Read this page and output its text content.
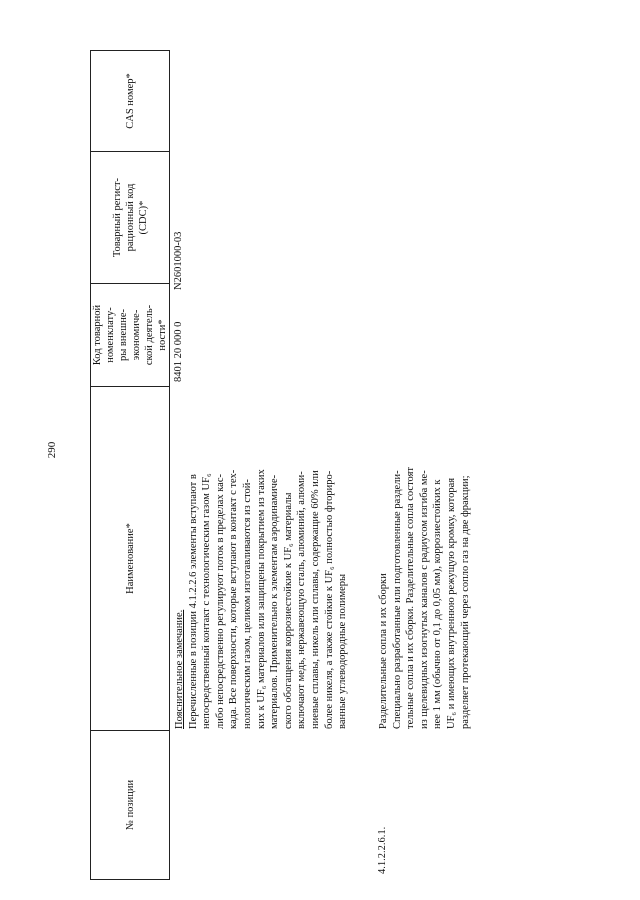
290
№ позиции
Наименование*
Код товарной номенклату- ры внешне- экономиче- ской деятель- ности*
Товарный регист- рационный код (CDC)*
CAS номер*
Пояснительное замечание. Перечисленные в позиции 4.1.2.2.6 элементы вступают в непосредственный контакт с технологическим газом UF₆ либо непосредственно регулируют поток в пределах кас- када. Все поверхности, которые вступают в контакт с тех- нологическим газом, целиком изготавливаются из стой- ких к UF₆ материалов или защищены покрытием из таких материалов. Применительно к элементам аэродинамиче- ского обогащения коррозиестойкие к UF₆ материалы включают медь, нержавеющую сталь, алюминий, алюми- ниевые сплавы, никель или сплавы, содержащие 60% или более никеля, а также стойкие к UF₆ полностью фториро- ванные углеводородные полимеры
4.1.2.2.6.1.
Разделительные сопла и их сборки Специально разработанные или подготовленные раздели- тельные сопла и их сборки. Разделительные сопла состоят из щелевидных изогнутых каналов с радиусом изгиба ме- нее 1 мм (обычно от 0,1 до 0,05 мм), коррозиестойких к UF₆ и имеющих внутреннюю режущую кромку, которая разделяет протекающий через сопло газ на две фракции;
8401 20 000 0
N2601000-03
